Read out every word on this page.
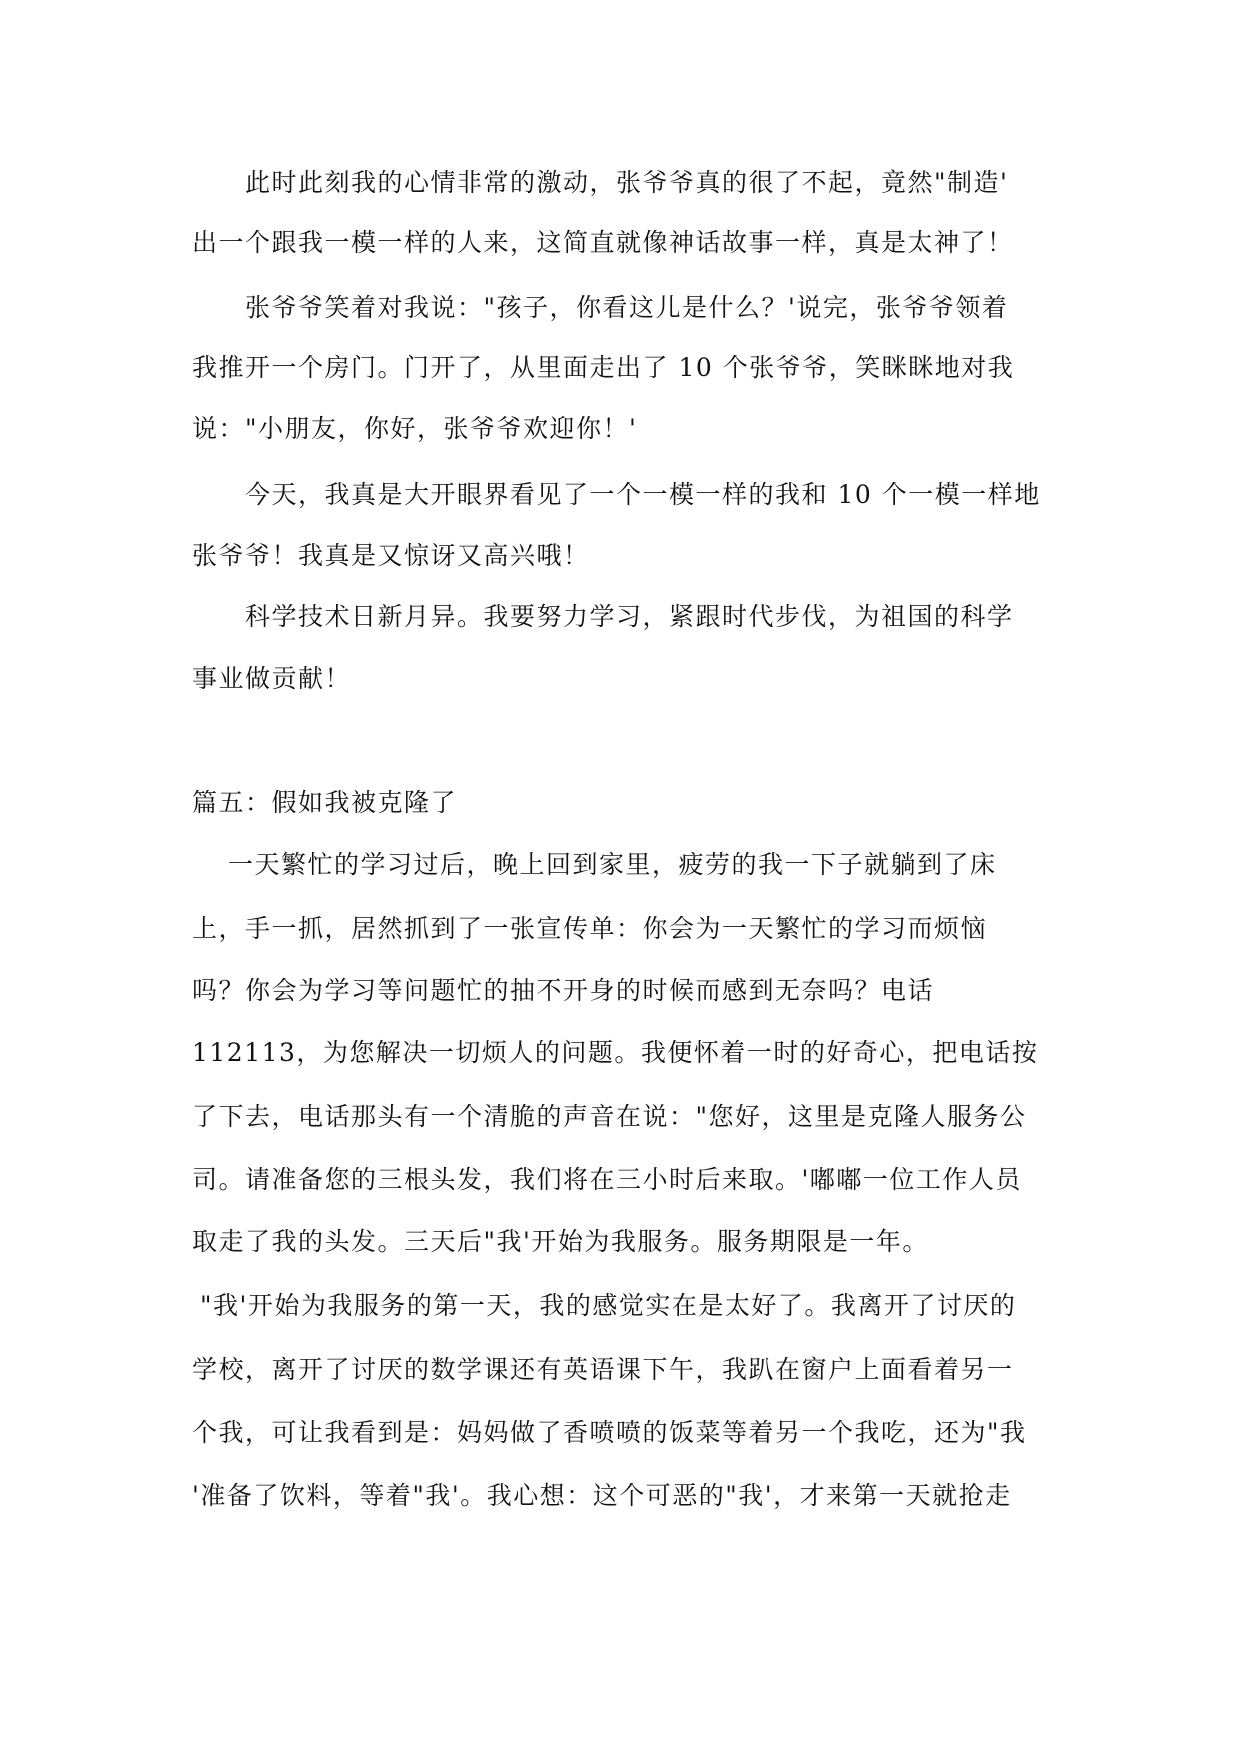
此时此刻我的心情非常的激动，张爷爷真的很了不起，竟然"制造'
出一个跟我一模一样的人来，这简直就像神话故事一样，真是太神了！
张爷爷笑着对我说："孩子，你看这儿是什么？'说完，张爷爷领着
我推开一个房门。门开了，从里面走出了 10 个张爷爷，笑眯眯地对我
说："小朋友，你好，张爷爷欢迎你！'
今天，我真是大开眼界看见了一个一模一样的我和 10 个一模一样地
张爷爷！我真是又惊讶又高兴哦！
科学技术日新月异。我要努力学习，紧跟时代步伐，为祖国的科学
事业做贡献！
篇五：假如我被克隆了
一天繁忙的学习过后，晚上回到家里，疲劳的我一下子就躺到了床
上，手一抓，居然抓到了一张宣传单：你会为一天繁忙的学习而烦恼
吗？你会为学习等问题忙的抽不开身的时候而感到无奈吗？电话
112113，为您解决一切烦人的问题。我便怀着一时的好奇心，把电话按
了下去，电话那头有一个清脆的声音在说："您好，这里是克隆人服务公
司。请准备您的三根头发，我们将在三小时后来取。'嘟嘟一位工作人员
取走了我的头发。三天后"我'开始为我服务。服务期限是一年。
"我'开始为我服务的第一天，我的感觉实在是太好了。我离开了讨厌的
学校，离开了讨厌的数学课还有英语课下午，我趴在窗户上面看着另一
个我，可让我看到是：妈妈做了香喷喷的饭菜等着另一个我吃，还为"我
'准备了饮料，等着"我'。我心想：这个可恶的"我'，才来第一天就抢走
